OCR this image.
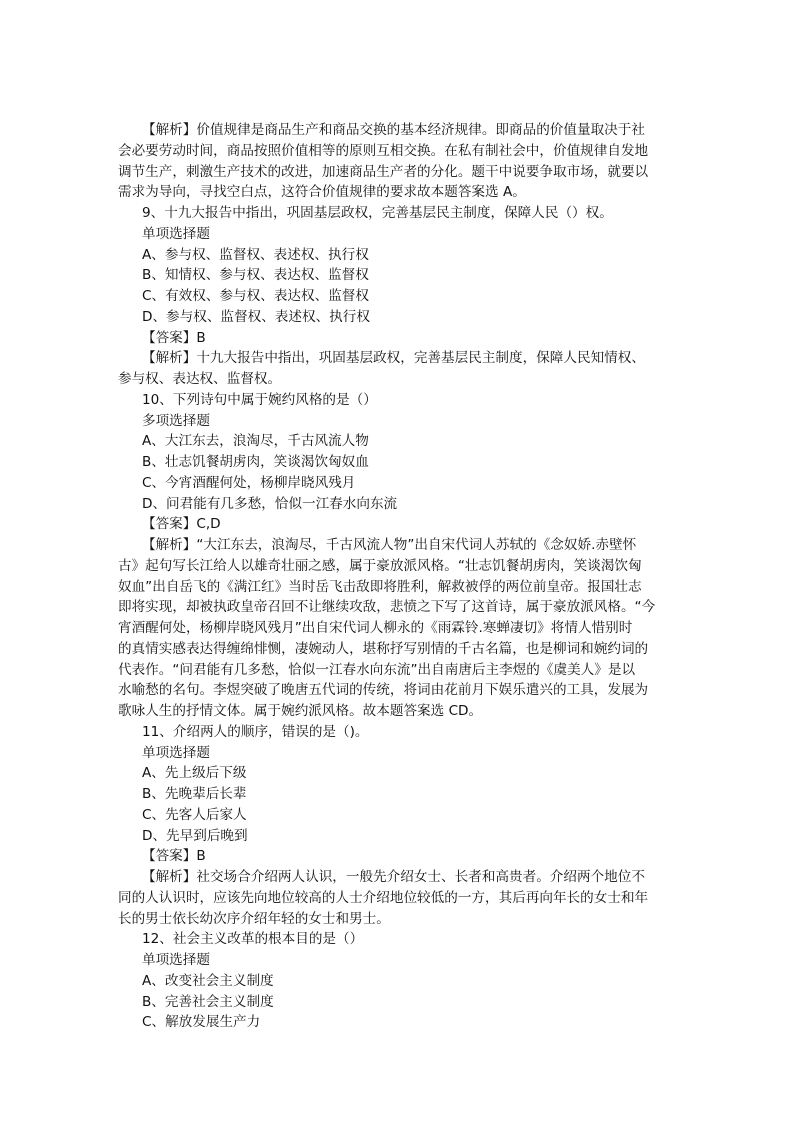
【解析】价值规律是商品生产和商品交换的基本经济规律。即商品的价值量取决于社
会必要劳动时间，商品按照价值相等的原则互相交换。在私有制社会中，价值规律自发地
调节生产，刺激生产技术的改进，加速商品生产者的分化。题干中说要争取市场，就要以
需求为导向，寻找空白点，这符合价值规律的要求故本题答案选 A。
9、十九大报告中指出，巩固基层政权，完善基层民主制度，保障人民（）权。
单项选择题
A、参与权、监督权、表述权、执行权
B、知情权、参与权、表达权、监督权
C、有效权、参与权、表达权、监督权
D、参与权、监督权、表述权、执行权
【答案】B
【解析】十九大报告中指出，巩固基层政权，完善基层民主制度，保障人民知情权、
参与权、表达权、监督权。
10、下列诗句中属于婉约风格的是（）
多项选择题
A、大江东去，浪淘尽，千古风流人物
B、壮志饥餐胡虏肉，笑谈渴饮匈奴血
C、今宵酒醒何处，杨柳岸晓风残月
D、问君能有几多愁，恰似一江春水向东流
【答案】C,D
【解析】“大江东去，浪淘尽，千古风流人物”出自宋代词人苏轼的《念奴娇.赤壁怀
古》起句写长江给人以雄奇壮丽之感，属于豪放派风格。“壮志饥餐胡虏肉，笑谈渴饮匈
奴血”出自岳飞的《满江红》当时岳飞击敌即将胜利，解救被俘的两位前皇帝。报国壮志
即将实现，却被执政皇帝召回不让继续攻敌，悲愤之下写了这首诗，属于豪放派风格。“今
宵酒醒何处，杨柳岸晓风残月”出自宋代词人柳永的《雨霖铃.寒蝉凄切》将情人惜别时
的真情实感表达得缠绵悱恻，凄婉动人，堪称抒写别情的千古名篇，也是柳词和婉约词的
代表作。“问君能有几多愁，恰似一江春水向东流”出自南唐后主李煜的《虞美人》是以
水喻愁的名句。李煜突破了晚唐五代词的传统，将词由花前月下娱乐遣兴的工具，发展为
歌咏人生的抒情文体。属于婉约派风格。故本题答案选 CD。
11、介绍两人的顺序，错误的是（)。
单项选择题
A、先上级后下级
B、先晚辈后长辈
C、先客人后家人
D、先早到后晚到
【答案】B
【解析】社交场合介绍两人认识，一般先介绍女士、长者和高贵者。介绍两个地位不
同的人认识时，应该先向地位较高的人士介绍地位较低的一方，其后再向年长的女士和年
长的男士依长幼次序介绍年轻的女士和男士。
12、社会主义改革的根本目的是（）
单项选择题
A、改变社会主义制度
B、完善社会主义制度
C、解放发展生产力
